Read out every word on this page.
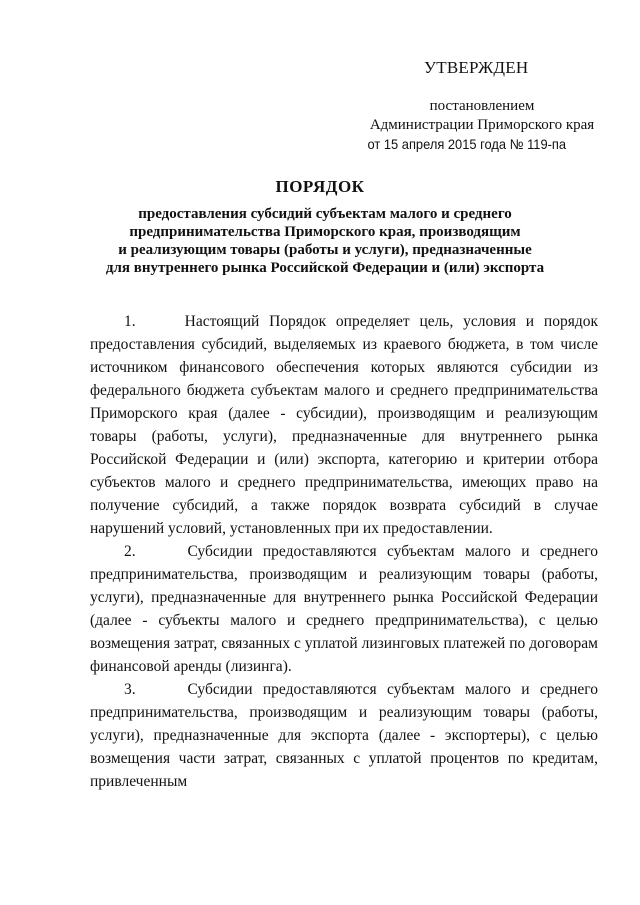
УТВЕРЖДЕН
постановлением
Администрации Приморского края
от 15 апреля 2015 года № 119-па
ПОРЯДОК
предоставления субсидий субъектам малого и среднего
предпринимательства Приморского края, производящим
и реализующим товары (работы и услуги), предназначенные
для внутреннего рынка Российской Федерации и (или) экспорта

1.	Настоящий Порядок определяет цель, условия и порядок предоставления субсидий, выделяемых из краевого бюджета, в том числе источником финансового обеспечения которых являются субсидии из федерального бюджета субъектам малого и среднего предпринимательства Приморского края (далее - субсидии), производящим и реализующим товары (работы, услуги), предназначенные для внутреннего рынка Российской Федерации и (или) экспорта, категорию и критерии отбора субъектов малого и среднего предпринимательства, имеющих право на получение субсидий, а также порядок возврата субсидий в случае нарушений условий, установленных при их предоставлении.

2.	Субсидии предоставляются субъектам малого и среднего предпринимательства, производящим и реализующим товары (работы, услуги), предназначенные для внутреннего рынка Российской Федерации (далее - субъекты малого и среднего предпринимательства), с целью возмещения затрат, связанных с уплатой лизинговых платежей по договорам финансовой аренды (лизинга).

3.	Субсидии предоставляются субъектам малого и среднего предпринимательства, производящим и реализующим товары (работы, услуги), предназначенные для экспорта (далее - экспортеры), с целью возмещения части затрат, связанных с уплатой процентов по кредитам, привлеченным
